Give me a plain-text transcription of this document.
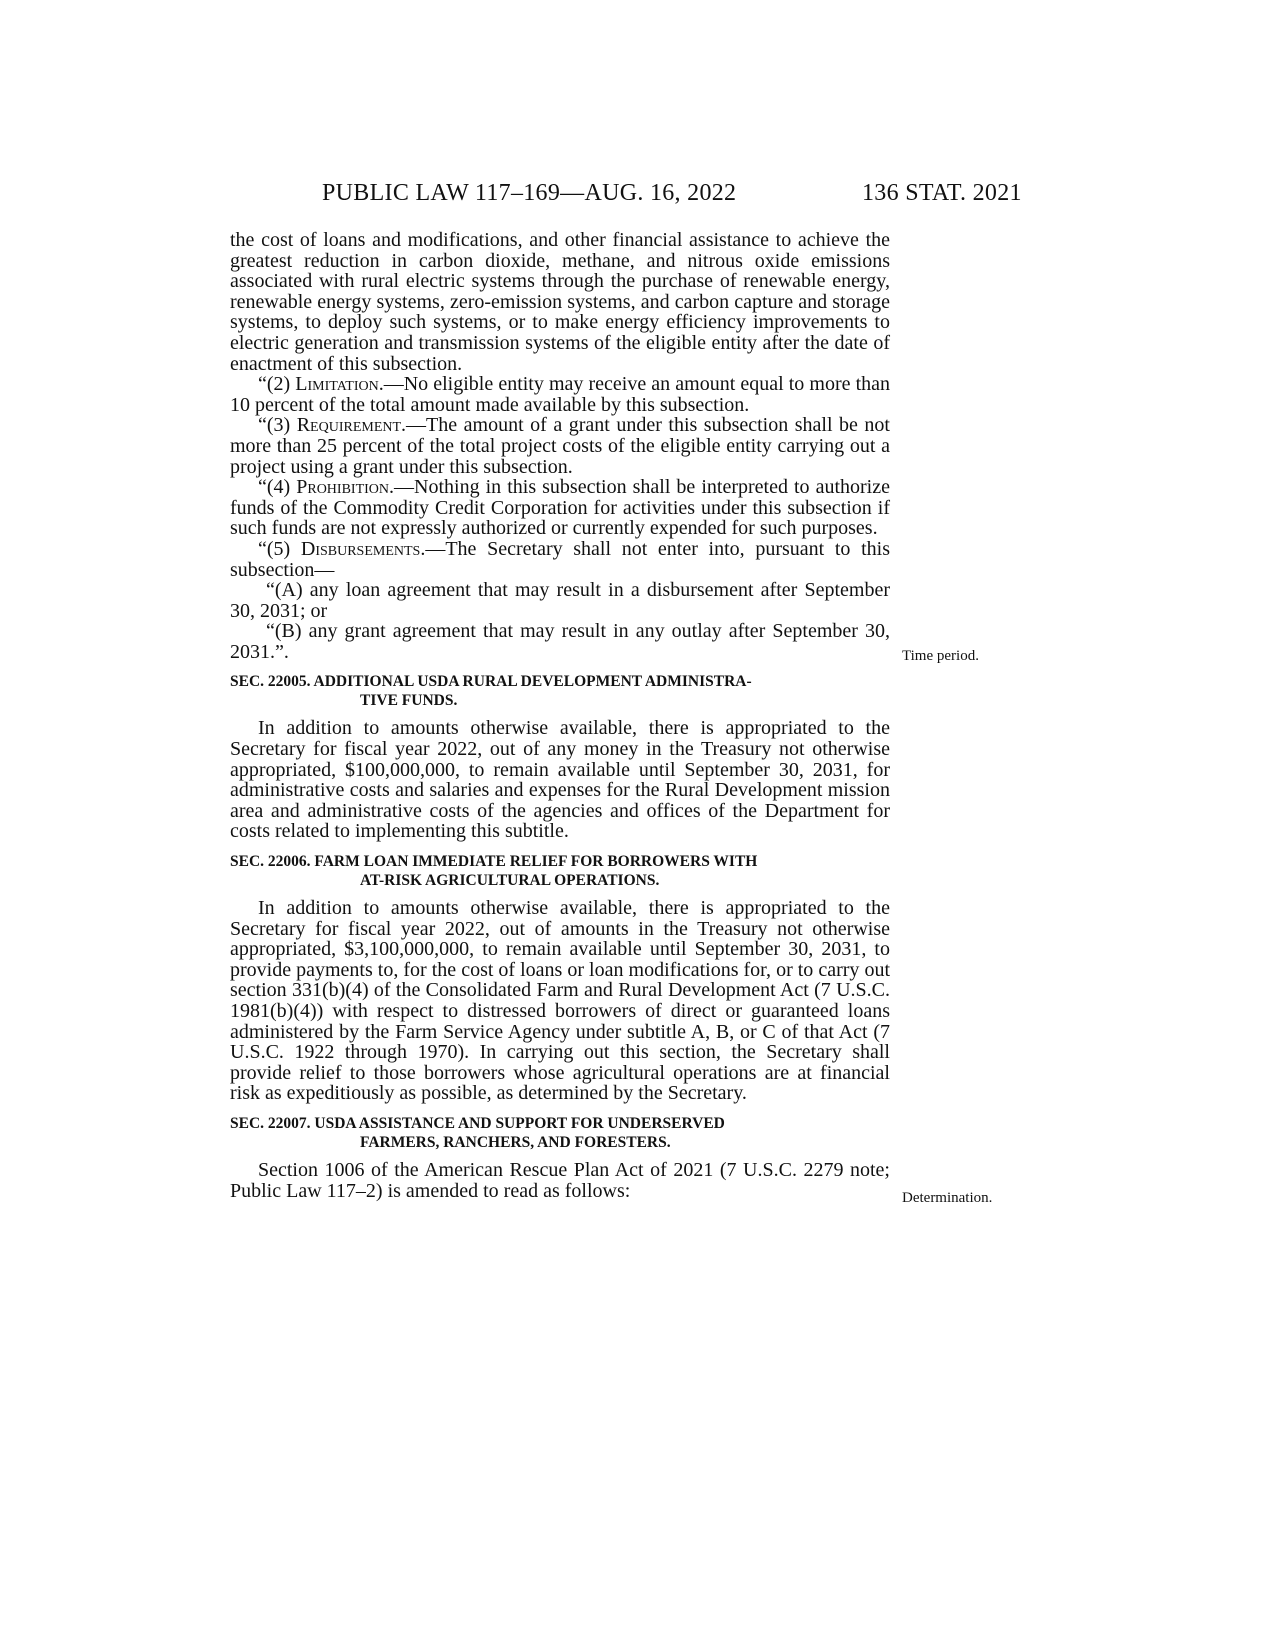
PUBLIC LAW 117–169—AUG. 16, 2022	136 STAT. 2021

the cost of loans and modifications, and other financial assistance to achieve the greatest reduction in carbon dioxide, methane, and nitrous oxide emissions associated with rural electric systems through the purchase of renewable energy, renewable energy systems, zero-emission systems, and carbon capture and storage systems, to deploy such systems, or to make energy efficiency improvements to electric generation and transmission systems of the eligible entity after the date of enactment of this subsection.

“(2) Limitation.—No eligible entity may receive an amount equal to more than 10 percent of the total amount made available by this subsection.

“(3) Requirement.—The amount of a grant under this subsection shall be not more than 25 percent of the total project costs of the eligible entity carrying out a project using a grant under this subsection.

“(4) Prohibition.—Nothing in this subsection shall be interpreted to authorize funds of the Commodity Credit Corporation for activities under this subsection if such funds are not expressly authorized or currently expended for such purposes.

“(5) Disbursements.—The Secretary shall not enter into, pursuant to this subsection—

“(A) any loan agreement that may result in a disbursement after September 30, 2031; or

“(B) any grant agreement that may result in any outlay after September 30, 2031.”.

SEC. 22005. ADDITIONAL USDA RURAL DEVELOPMENT ADMINISTRA-
TIVE FUNDS.

In addition to amounts otherwise available, there is appropriated to the Secretary for fiscal year 2022, out of any money in the Treasury not otherwise appropriated, $100,000,000, to remain available until September 30, 2031, for administrative costs and salaries and expenses for the Rural Development mission area and administrative costs of the agencies and offices of the Department for costs related to implementing this subtitle.

SEC. 22006. FARM LOAN IMMEDIATE RELIEF FOR BORROWERS WITH
AT-RISK AGRICULTURAL OPERATIONS.

In addition to amounts otherwise available, there is appropriated to the Secretary for fiscal year 2022, out of amounts in the Treasury not otherwise appropriated, $3,100,000,000, to remain available until September 30, 2031, to provide payments to, for the cost of loans or loan modifications for, or to carry out section 331(b)(4) of the Consolidated Farm and Rural Development Act (7 U.S.C. 1981(b)(4)) with respect to distressed borrowers of direct or guaranteed loans administered by the Farm Service Agency under subtitle A, B, or C of that Act (7 U.S.C. 1922 through 1970). In carrying out this section, the Secretary shall provide relief to those borrowers whose agricultural operations are at financial risk as expeditiously as possible, as determined by the Secretary.

SEC. 22007. USDA ASSISTANCE AND SUPPORT FOR UNDERSERVED
FARMERS, RANCHERS, AND FORESTERS.

Section 1006 of the American Rescue Plan Act of 2021 (7 U.S.C. 2279 note; Public Law 117–2) is amended to read as follows:

Time period.
Determination.
